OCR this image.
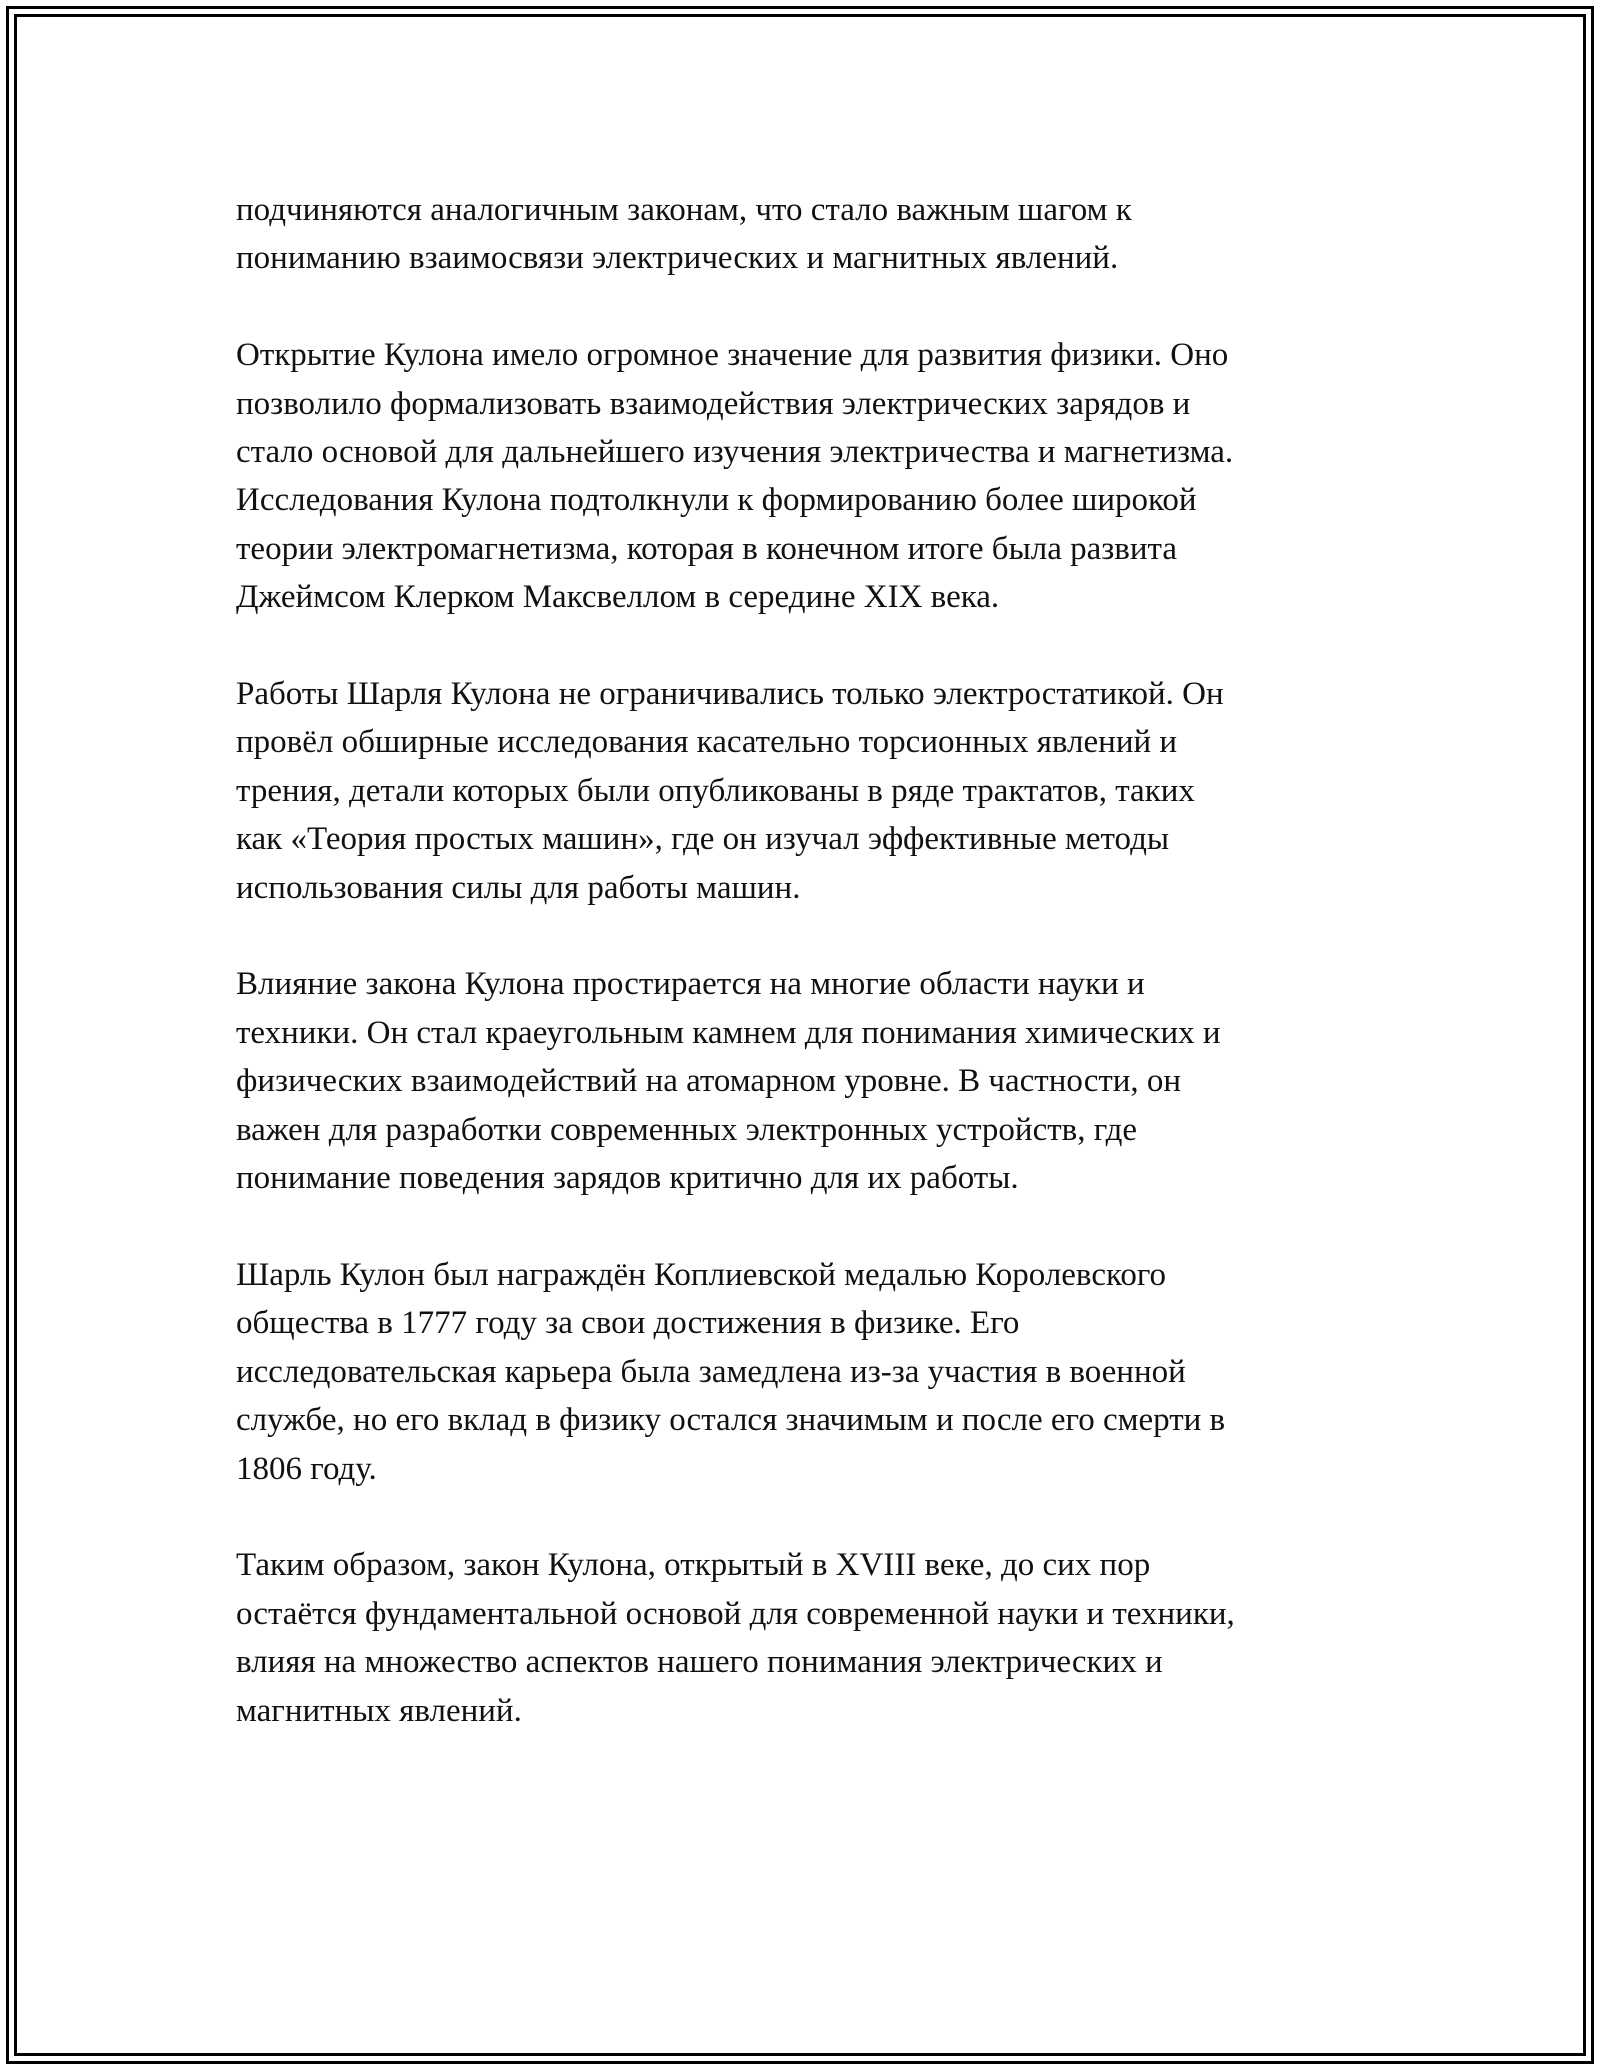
подчиняются аналогичным законам, что стало важным шагом к
пониманию взаимосвязи электрических и магнитных явлений.

Открытие Кулона имело огромное значение для развития физики. Оно
позволило формализовать взаимодействия электрических зарядов и
стало основой для дальнейшего изучения электричества и магнетизма.
Исследования Кулона подтолкнули к формированию более широкой
теории электромагнетизма, которая в конечном итоге была развита
Джеймсом Клерком Максвеллом в середине XIX века.

Работы Шарля Кулона не ограничивались только электростатикой. Он
провёл обширные исследования касательно торсионных явлений и
трения, детали которых были опубликованы в ряде трактатов, таких
как «Теория простых машин», где он изучал эффективные методы
использования силы для работы машин.

Влияние закона Кулона простирается на многие области науки и
техники. Он стал краеугольным камнем для понимания химических и
физических взаимодействий на атомарном уровне. В частности, он
важен для разработки современных электронных устройств, где
понимание поведения зарядов критично для их работы.

Шарль Кулон был награждён Коплиевской медалью Королевского
общества в 1777 году за свои достижения в физике. Его
исследовательская карьера была замедлена из-за участия в военной
службе, но его вклад в физику остался значимым и после его смерти в
1806 году.

Таким образом, закон Кулона, открытый в XVIII веке, до сих пор
остаётся фундаментальной основой для современной науки и техники,
влияя на множество аспектов нашего понимания электрических и
магнитных явлений.
